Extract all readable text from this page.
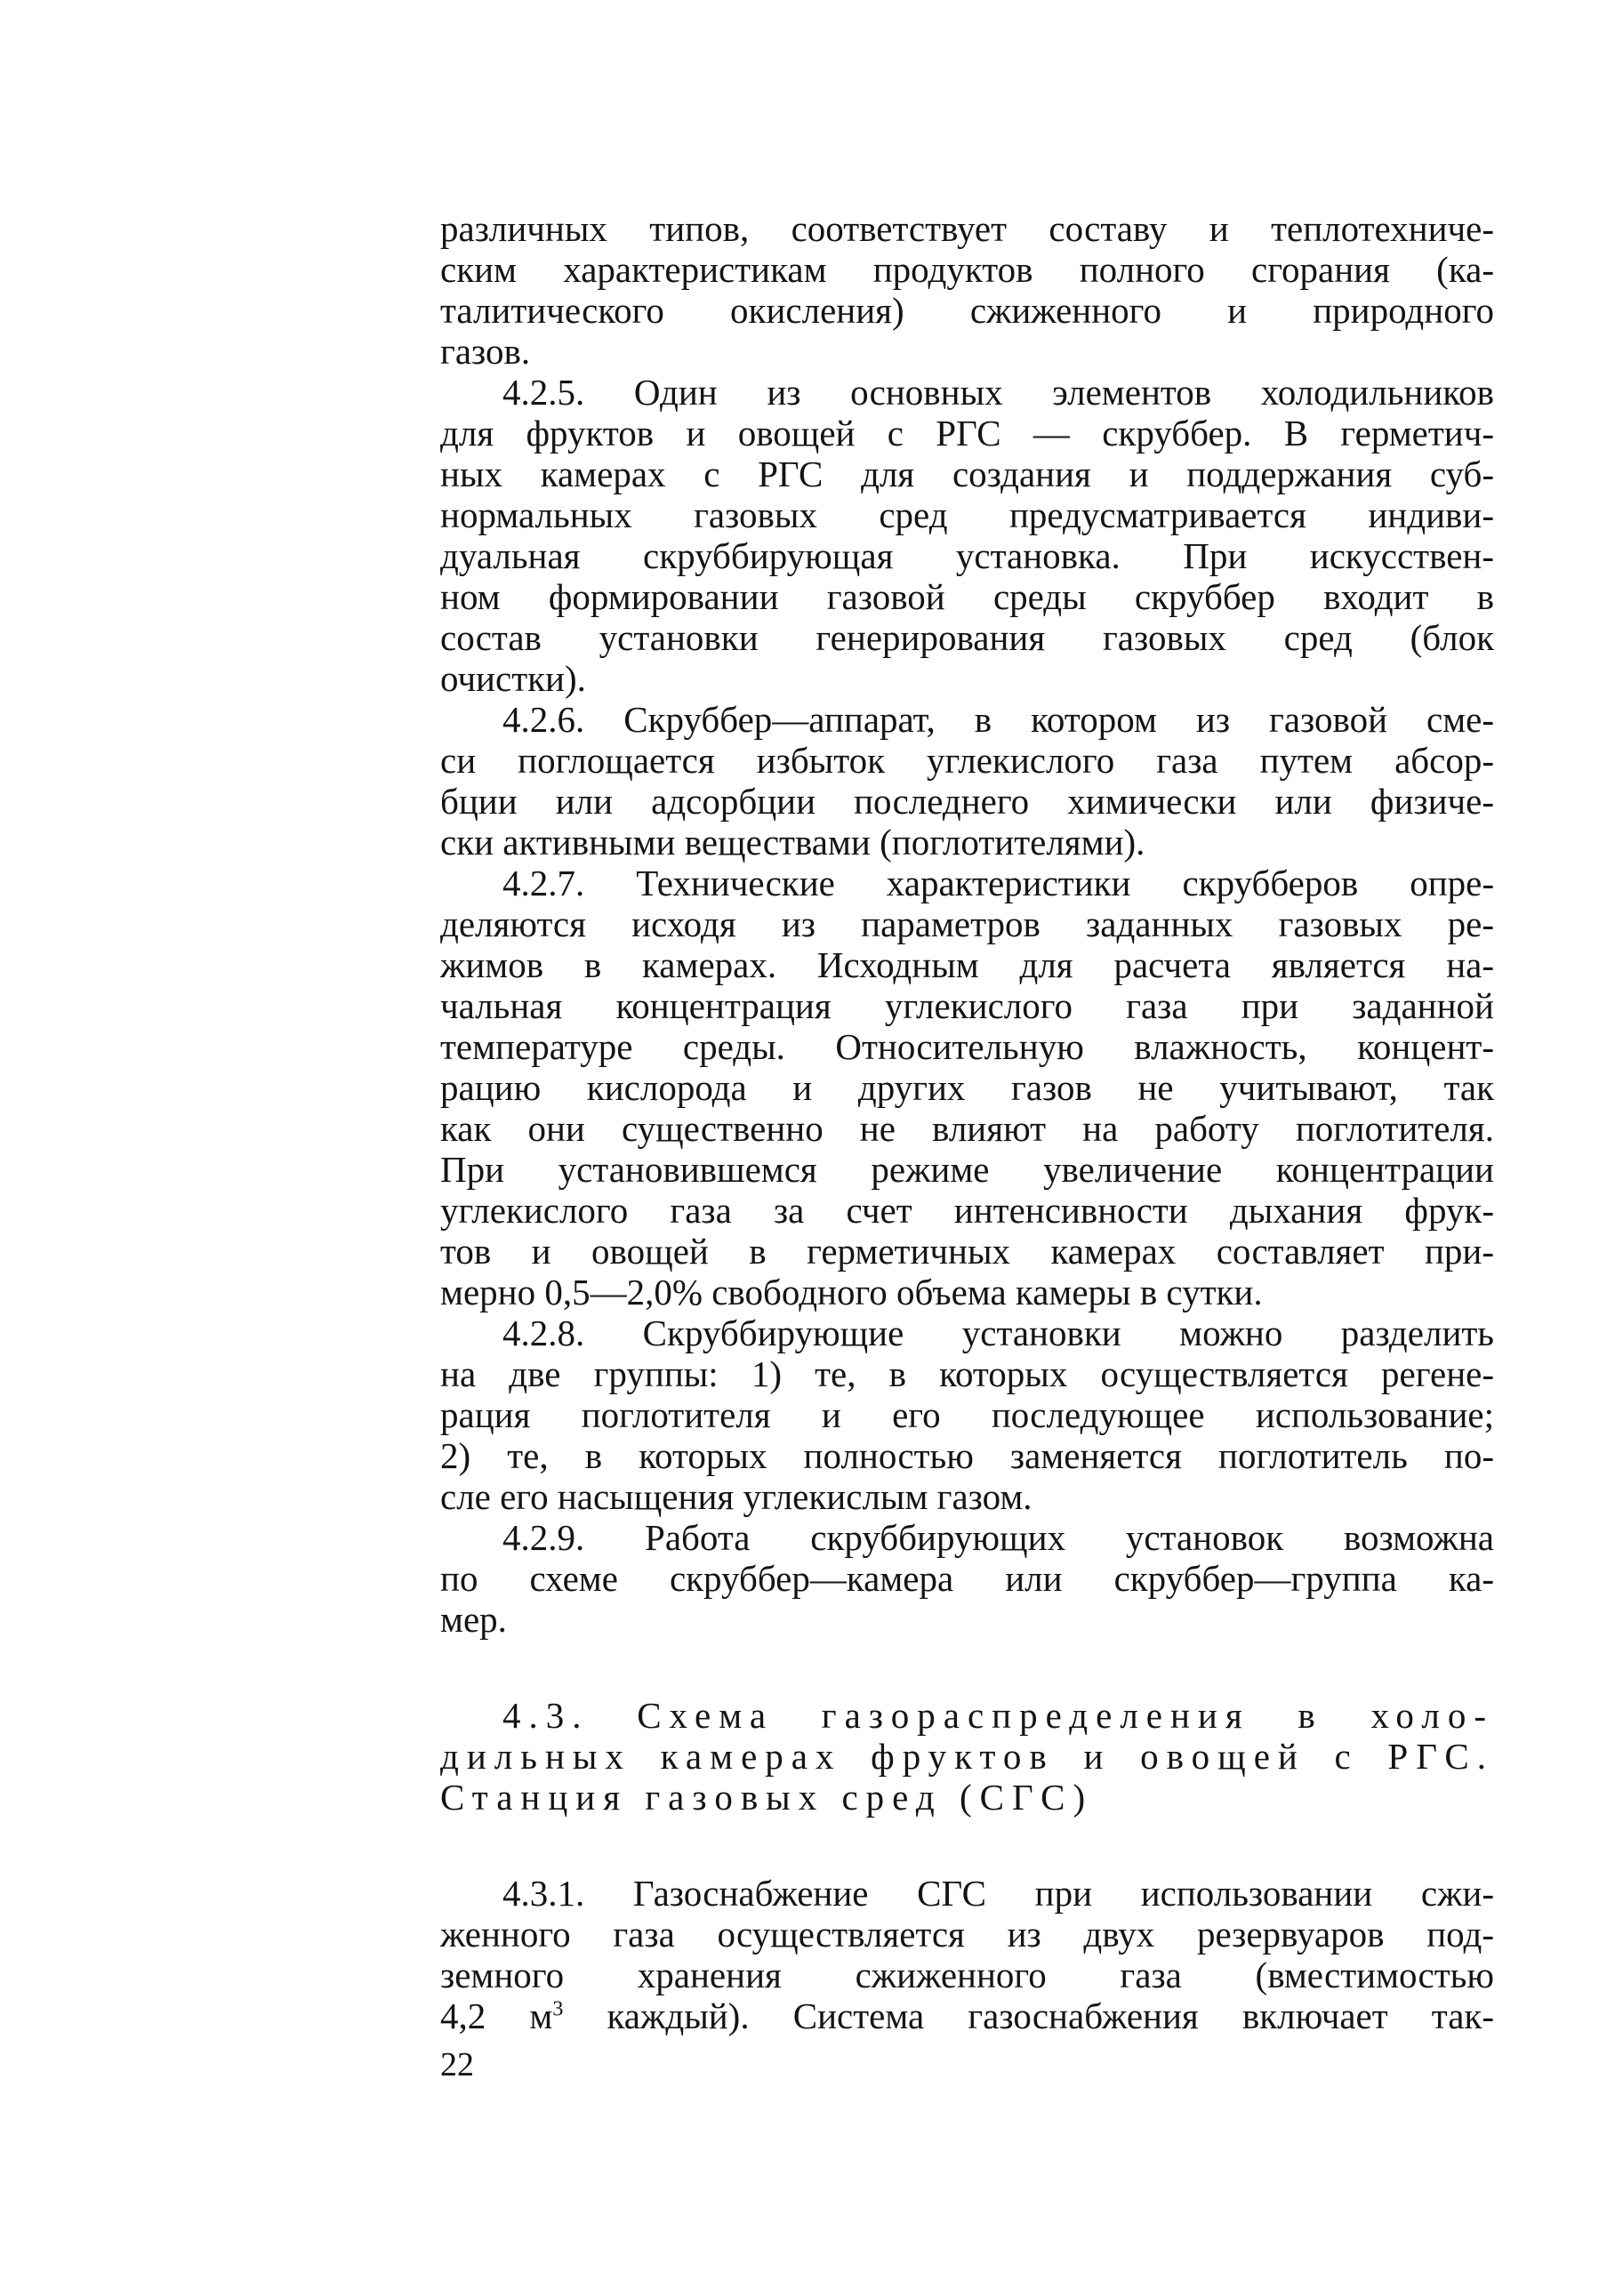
различных типов, соответствует составу и теплотехниче-
ским характеристикам продуктов полного сгорания (ка-
талитического окисления) сжиженного и природного
газов.

4.2.5. Один из основных элементов холодильников
для фруктов и овощей с РГС — скруббер. В герметич-
ных камерах с РГС для создания и поддержания суб-
нормальных газовых сред предусматривается индиви-
дуальная скруббирующая установка. При искусствен-
ном формировании газовой среды скруббер входит в
состав установки генерирования газовых сред (блок
очистки).

4.2.6. Скруббер—аппарат, в котором из газовой сме-
си поглощается избыток углекислого газа путем абсор-
бции или адсорбции последнего химически или физиче-
ски активными веществами (поглотителями).

4.2.7. Технические характеристики скрубберов опре-
деляются исходя из параметров заданных газовых ре-
жимов в камерах. Исходным для расчета является на-
чальная концентрация углекислого газа при заданной
температуре среды. Относительную влажность, концент-
рацию кислорода и других газов не учитывают, так
как они существенно не влияют на работу поглотителя.
При установившемся режиме увеличение концентрации
углекислого газа за счет интенсивности дыхания фрук-
тов и овощей в герметичных камерах составляет при-
мерно 0,5—2,0% свободного объема камеры в сутки.

4.2.8. Скруббирующие установки можно разделить
на две группы: 1) те, в которых осуществляется регене-
рация поглотителя и его последующее использование;
2) те, в которых полностью заменяется поглотитель по-
сле его насыщения углекислым газом.

4.2.9. Работа скруббирующих установок возможна
по схеме скруббер—камера или скруббер—группа ка-
мер.

4.3. Схема газораспределения в холо-
дильных камерах фруктов и овощей с РГС.
Станция газовых сред (СГС)

4.3.1. Газоснабжение СГС при использовании сжи-
женного газа осуществляется из двух резервуаров под-
земного хранения сжиженного газа (вместимостью
4,2 $м^3$ каждый). Система газоснабжения включает так-

22
